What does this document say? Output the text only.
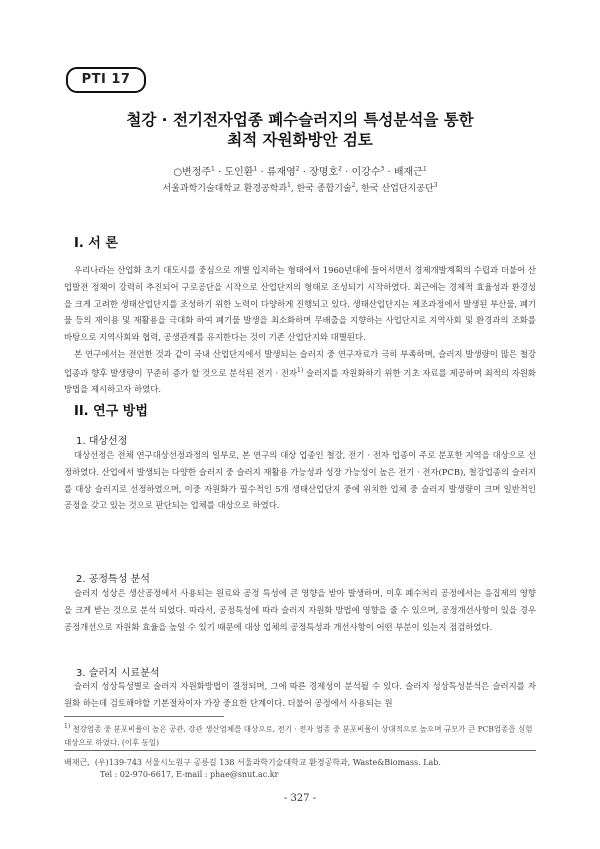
PTI 17
철강 · 전기전자업종 폐수슬러지의 특성분석을 통한
최적 자원화방안 검토
○변정주$^1$ · 도인환$^1$ · 류재영$^2$ · 장명호$^2$ · 이강수$^3$ · 배재근$^1$
서울과학기술대학교 환경공학과$^1$, 한국 종합기술$^2$, 한국 산업단지공단$^3$
I. 서 론

우리나라는 산업화 초기 대도시를 중심으로 개별 입지하는 형태에서 1960년대에 들어서면서 경제개발계획의 수립과 더불어 산업발전 정책이 강력히 추진되어 구로공단을 시작으로 산업단지의 형태로 조성되기 시작하였다. 최근에는 경제적 효율성과 환경성을 크게 고려한 생태산업단지를 조성하기 위한 노력이 다양하게 진행되고 있다. 생태산업단지는 제조과정에서 발생된 부산물, 폐기물 등의 재이용 및 재활용을 극대화 하여 폐기물 발생을 최소화하며 무배출을 지향하는 사업단지로 지역사회 및 환경과의 조화를 바탕으로 지역사회와 협력, 공생관계를 유지한다는 것이 기존 산업단지와 대별된다.

본 연구에서는 전언한 것과 같이 국내 산업단지에서 발생되는 슬러지 중 연구자료가 극히 부족하며, 슬러지 발생량이 많은 철강업종과 향후 발생량이 꾸준히 증가 할 것으로 분석된 전기 · 전자$^{1)}$ 슬러지를 자원화하기 위한 기초 자료를 제공하며 최적의 자원화 방법을 제시하고자 하였다.

II. 연구 방법
1. 대상선정

대상선정은 전체 연구대상선정과정의 일부로, 본 연구의 대상 업종인 철강, 전기 · 전자 업종이 주로 분포한 지역을 대상으로 선정하였다. 산업에서 발생되는 다양한 슬러지 중 슬러지 재활용 가능성과 성장 가능성이 높은 전기 · 전자(PCB), 철강업종의 슬러지를 대상 슬러지로 선정하였으며, 이중 자원화가 필수적인 5개 생태산업단지 중에 위치한 업체 중 슬러지 발생량이 크며 일반적인 공정을 갖고 있는 것으로 판단되는 업체를 대상으로 하였다.

2. 공정특성 분석

슬러지 성상은 생산공정에서 사용되는 원료와 공정 특성에 큰 영향을 받아 발생하며, 이후 폐수처리 공정에서는 응집제의 영향을 크게 받는 것으로 분석 되었다. 따라서, 공정특성에 따라 슬러지 자원화 방법에 영향을 줄 수 있으며, 공정개선사항이 있을 경우 공정개선으로 자원화 효율을 높일 수 있기 때문에 대상 업체의 공정특성과 개선사항이 어떤 부분이 있는지 점검하였다.

3. 슬러지 시료분석

슬러지 성상특성별로 슬러지 자원화방법이 결정되며, 그에 따른 경제성이 분석될 수 있다. 슬러지 성상특성분석은 슬러지를 자원화 하는데 검토해야할 기본절차이자 가장 중요한 단계이다. 더불어 공정에서 사용되는 원

$^{1)}$ 철강업종 중 분포비율이 높은 공관, 강관 생산업체를 대상으로, 전기 · 전자 업종 중 분포비율이 상대적으로 높으며 규모가 큰 PCB업종을 실험 대상으로 하였다. (이후 동일)

배재근,  (우)139-743 서울시노원구 공릉길 138 서울과학기술대학교 환경공학과, Waste&Biomass. Lab.
Tel : 02-970-6617, E-mail : phae@snut.ac.kr
- 327 -
